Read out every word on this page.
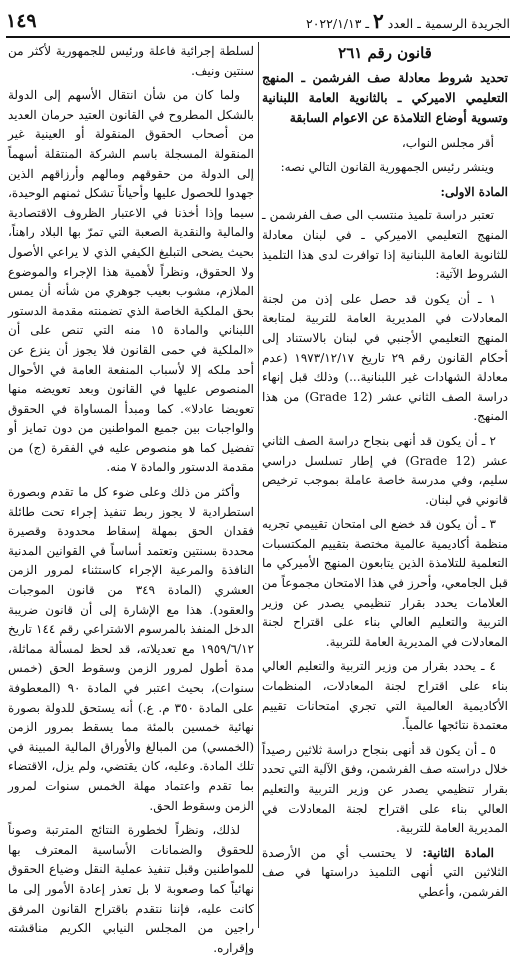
الجريدة الرسمية ـ العدد ٢ ـ ٢٠٢٢/١/١٣
١٤٩

لسلطة إجرائية فاعلة ورئيس للجمهورية لأكثر من سنتين ونيف.

ولما كان من شأن انتقال الأسهم إلى الدولة بالشكل المطروح في القانون العتيد حرمان العديد من أصحاب الحقوق المنقولة أو العينية غير المنقولة المسجلة باسم الشركة المنتقلة أسهماً إلى الدولة من حقوقهم ومالهم وأرزاقهم الذين جهدوا للحصول عليها وأحياناً تشكل ثمنهم الوحيدة، سيما وإذا أخذنا في الاعتبار الظروف الاقتصادية والمالية والنقدية الصعبة التي تمرّ بها البلاد راهناً، بحيث يضحى التبليغ الكيفي الذي لا يراعي الأصول ولا الحقوق، ونظراً لأهمية هذا الإجراء والموضوع الملازم، مشوب بعيب جوهري من شأنه أن يمس بحق الملكية الخاصة الذي تضمنته مقدمة الدستور اللبناني والمادة ١٥ منه التي تنص على أن «الملكية في حمى القانون فلا يجوز أن ينزع عن أحد ملكه إلا لأسباب المنفعة العامة في الأحوال المنصوص عليها في القانون وبعد تعويضه منها تعويضا عادلا». كما ومبدأ المساواة في الحقوق والواجبات بين جميع المواطنين من دون تمايز أو تفضيل كما هو منصوص عليه في الفقرة (ج) من مقدمة الدستور والمادة ٧ منه.

وأكثر من ذلك وعلى ضوء كل ما تقدم وبصورة استطرادية لا يجوز ربط تنفيذ إجراء تحت طائلة فقدان الحق بمهلة إسقاط محدودة وقصيرة محددة بسنتين وتعتمد أساساً في القوانين المدنية النافذة والمرعية الإجراء كاستثناء لمرور الزمن العشري (المادة ٣٤٩ من قانون الموجبات والعقود). هذا مع الإشارة إلى أن قانون ضريبة الدخل المنفذ بالمرسوم الاشتراعي رقم ١٤٤ تاريخ ١٩٥٩/٦/١٢ مع تعديلاته، قد لحظ لمسألة مماثلة، مدة أطول لمرور الزمن وسقوط الحق (خمس سنوات)، بحيث اعتبر في المادة ٩٠ (المعطوفة على المادة ٣٥٠ م. ع.) أنه يستحق للدولة بصورة نهائية خمسين بالمئة مما يسقط بمرور الزمن (الخمسي) من المبالغ والأوراق المالية المبينة في تلك المادة. وعليه، كان يقتضي، ولم يزل، الاقتضاء بما تقدم واعتماد مهلة الخمس سنوات لمرور الزمن وسقوط الحق.

لذلك، ونظراً لخطورة النتائج المترتبة وصوناً للحقوق والضمانات الأساسية المعترف بها للمواطنين وقبل تنفيذ عملية النقل وضياع الحقوق نهائياً كما وصعوبة لا بل تعذر إعادة الأمور إلى ما كانت عليه، فإننا نتقدم باقتراح القانون المرفق راجين من المجلس النيابي الكريم مناقشته وإقراره.

قانون رقم ٢٦١
تحديد شروط معادلة صف الفرشمن ـ المنهج التعليمي الاميركي ـ بالثانوية العامة اللبنانية وتسوية أوضاع التلامذة عن الاعوام السابقة

أقر مجلس النواب،

وينشر رئيس الجمهورية القانون التالي نصه:

المادة الاولى:

تعتبر دراسة تلميذ منتسب الى صف الفرشمن ـ المنهج التعليمي الاميركي ـ في لبنان معادلة للثانوية العامة اللبنانية إذا توافرت لدى هذا التلميذ الشروط الآتية:

١ ـ أن يكون قد حصل على إذن من لجنة المعادلات في المديرية العامة للتربية لمتابعة المنهج التعليمي الأجنبي في لبنان بالاستناد إلى أحكام القانون رقم ٢٩ تاريخ ١٩٧٣/١٢/١٧ (عدم معادلة الشهادات غير اللبنانية...) وذلك قبل إنهاء دراسة الصف الثاني عشر (Grade 12) من هذا المنهج.

٢ ـ أن يكون قد أنهى بنجاح دراسة الصف الثاني عشر (Grade 12) في إطار تسلسل دراسي سليم، وفي مدرسة خاصة عاملة بموجب ترخيص قانوني في لبنان.

٣ ـ أن يكون قد خضع الى امتحان تقييمي تجريه منظمة أكاديمية عالمية مختصة بتقييم المكتسبات التعلمية للتلامذة الذين يتابعون المنهج الأميركي ما قبل الجامعي، وأحرز في هذا الامتحان مجموعاً من العلامات يحدد بقرار تنظيمي يصدر عن وزير التربية والتعليم العالي بناء على اقتراح لجنة المعادلات في المديرية العامة للتربية.

٤ ـ يحدد بقرار من وزير التربية والتعليم العالي بناء على اقتراح لجنة المعادلات، المنظمات الأكاديمية العالمية التي تجري امتحانات تقييم معتمدة نتائجها عالمياً.

٥ ـ أن يكون قد أنهى بنجاح دراسة ثلاثين رصيداً خلال دراسته صف الفرشمن، وفق الآلية التي تحدد بقرار تنظيمي يصدر عن وزير التربية والتعليم العالي بناء على اقتراح لجنة المعادلات في المديرية العامة للتربية.

المادة الثانية: لا يحتسب أي من الأرصدة الثلاثين التي أنهى التلميذ دراستها في صف الفرشمن، وأعطي
